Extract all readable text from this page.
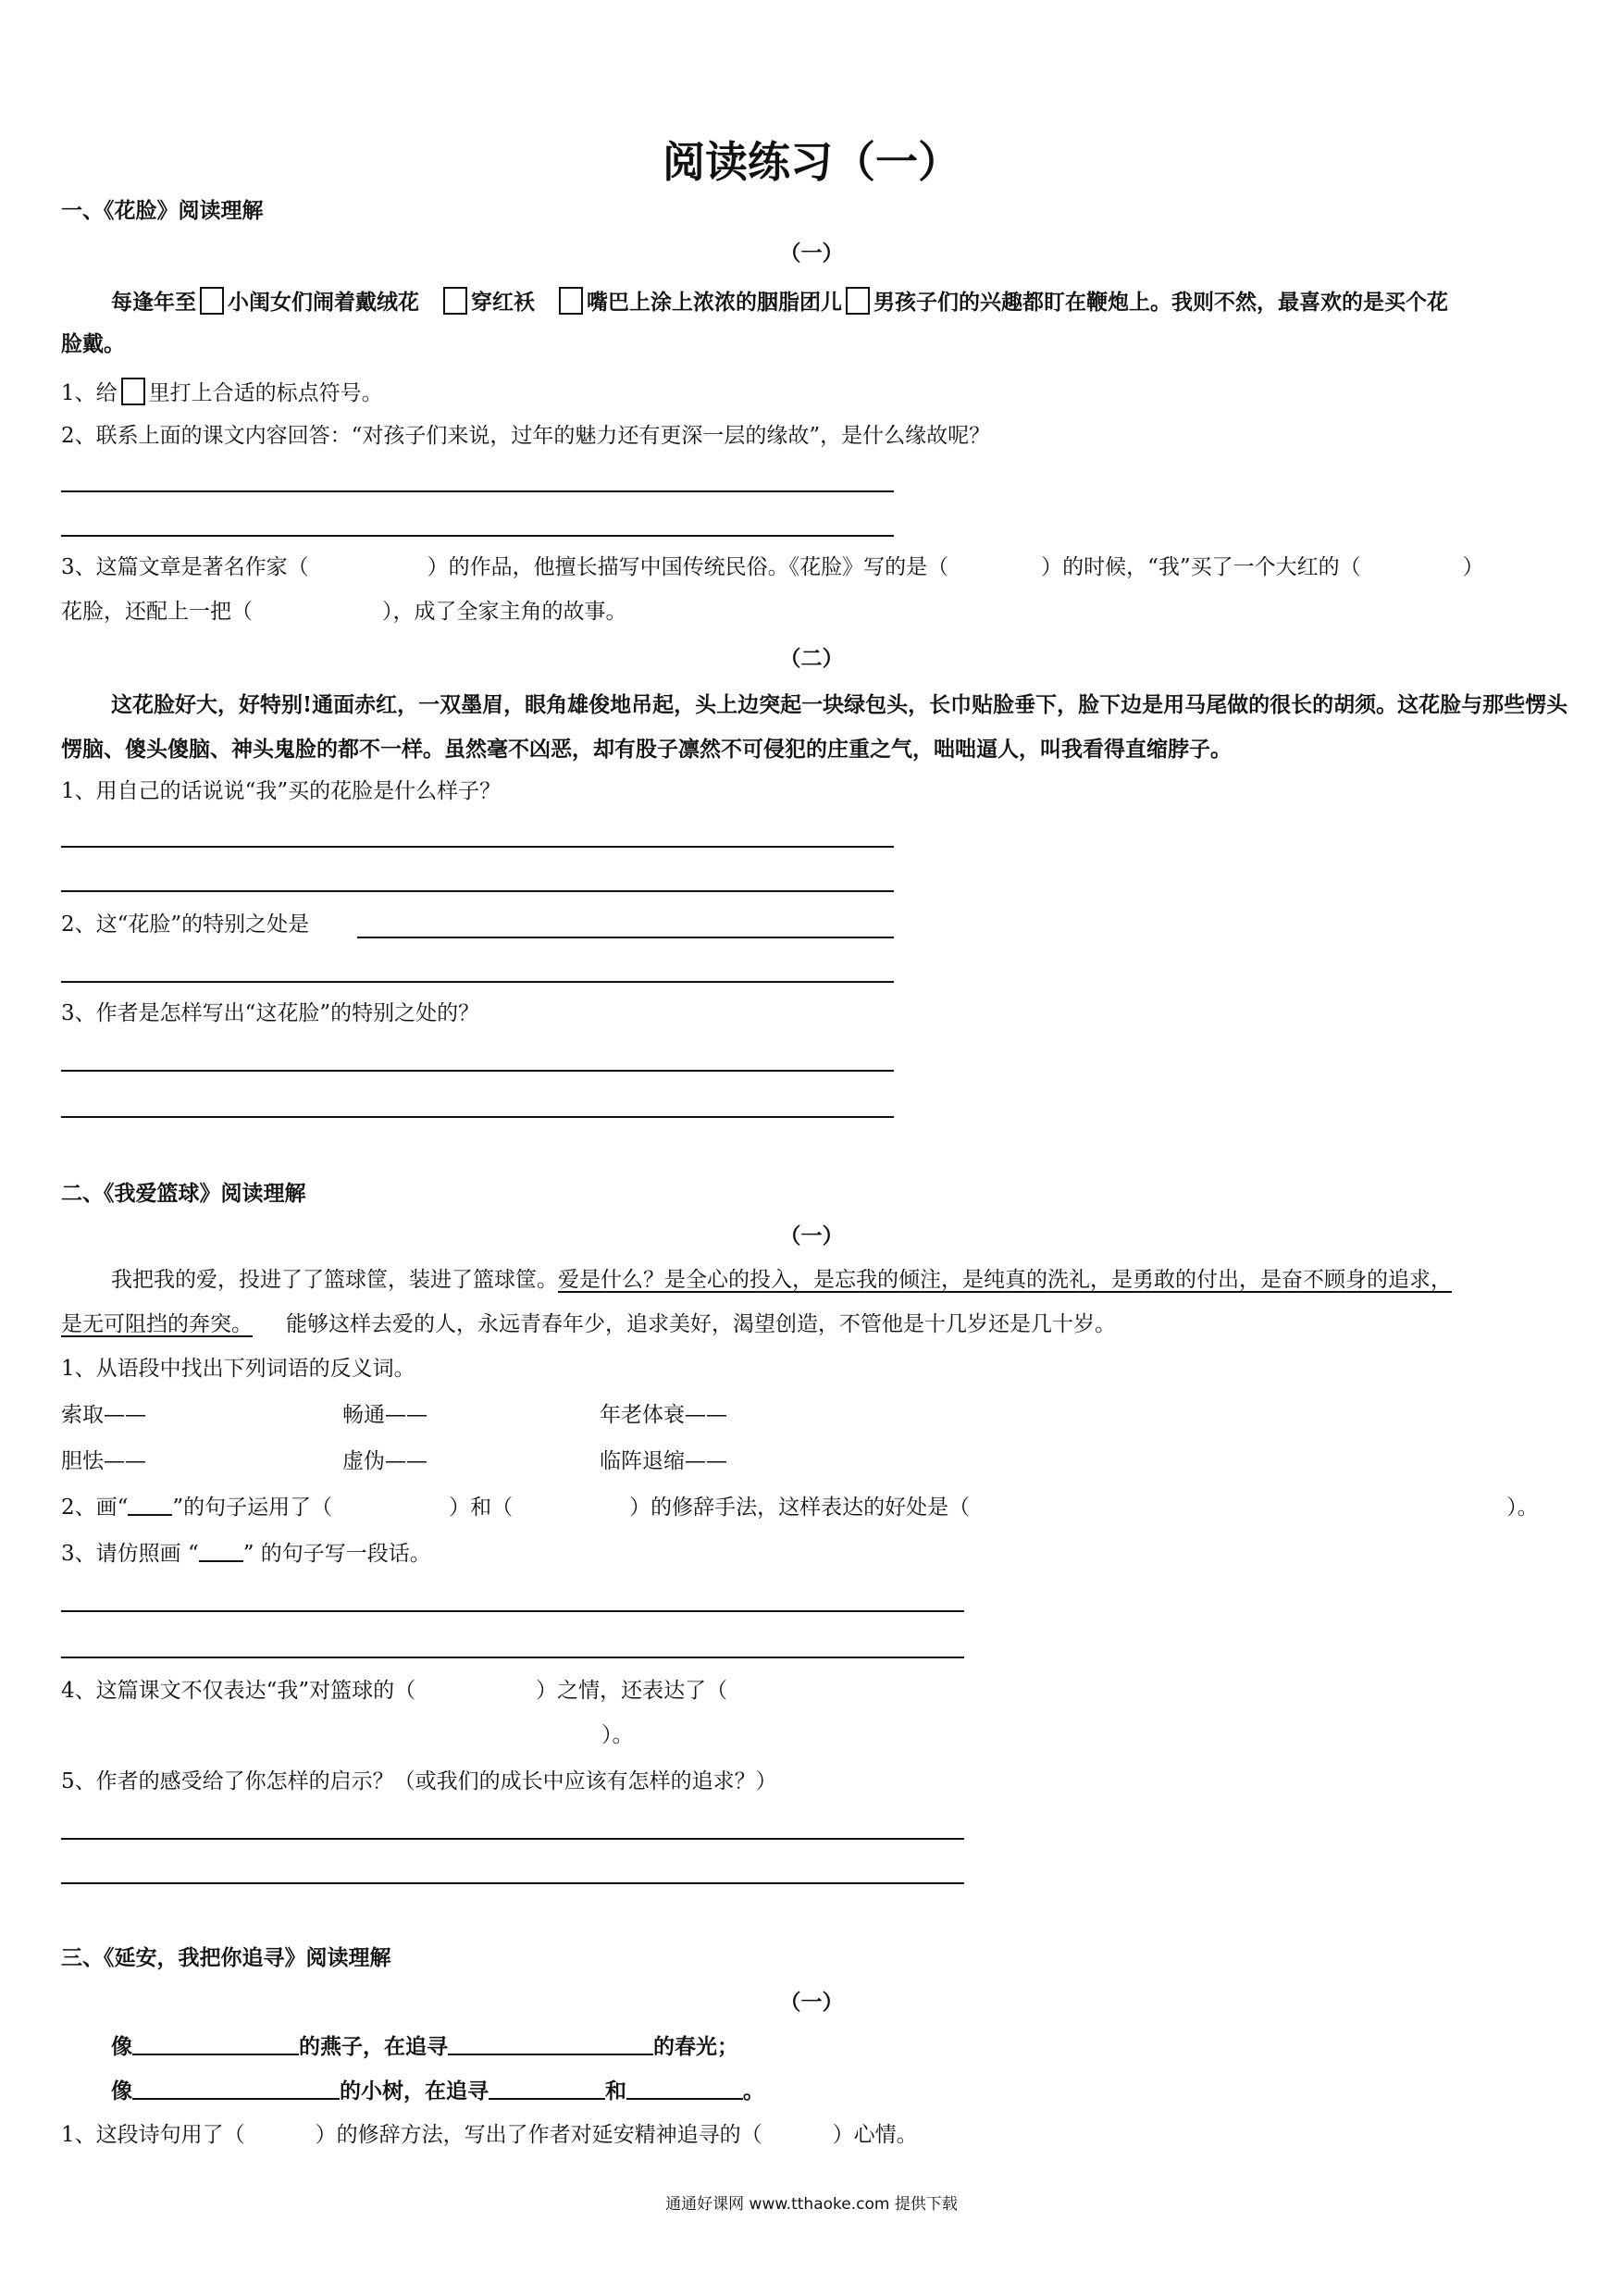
阅读练习（一）
一、《花脸》阅读理解
（一）
每逢年至 小闺女们闹着戴绒花 穿红袄 嘴巴上涂上浓浓的胭脂团儿 男孩子们的兴趣都盯在鞭炮上。我则不然，最喜欢的是买个花
脸戴。
1、给 里打上合适的标点符号。
2、联系上面的课文内容回答：“对孩子们来说，过年的魅力还有更深一层的缘故”，是什么缘故呢？
3、这篇文章是著名作家（	）的作品，他擅长描写中国传统民俗。《花脸》写的是（	）的时候，“我”买了一个大红的（	）
花脸，还配上一把（	），成了全家主角的故事。
（二）
这花脸好大，好特别!通面赤红，一双墨眉，眼角雄俊地吊起，头上边突起一块绿包头，长巾贴脸垂下，脸下边是用马尾做的很长的胡须。这花脸与那些愣头愣脑、傻头傻脑、神头鬼脸的都不一样。虽然毫不凶恶，却有股子凛然不可侵犯的庄重之气，咄咄逼人，叫我看得直缩脖子。
1、用自己的话说说“我”买的花脸是什么样子？
2、这“花脸”的特别之处是
3、作者是怎样写出“这花脸”的特别之处的？
二、《我爱篮球》阅读理解
（一）
我把我的爱，投进了了篮球筐，装进了篮球筐。爱是什么？是全心的投入，是忘我的倾注，是纯真的洗礼，是勇敢的付出，是奋不顾身的追求，
是无可阻挡的奔突。 能够这样去爱的人，永远青春年少，追求美好，渴望创造，不管他是十几岁还是几十岁。
1、从语段中找出下列词语的反义词。
索取——	畅通——	年老体衰——
胆怯——	虚伪——	临阵退缩——
2、画“ ”的句子运用了（	）和（	）的修辞手法，这样表达的好处是（	）。
3、请仿照画 “ ” 的句子写一段话。
4、这篇课文不仅表达“我”对篮球的（	）之情，还表达了（
）。
5、作者的感受给了你怎样的启示？（或我们的成长中应该有怎样的追求？）
三、《延安，我把你追寻》阅读理解
（一）
像	的燕子，在追寻	的春光；
像	的小树，在追寻	和	。
1、这段诗句用了（	）的修辞方法，写出了作者对延安精神追寻的（	）心情。
通通好课网 www.tthaoke.com 提供下载
